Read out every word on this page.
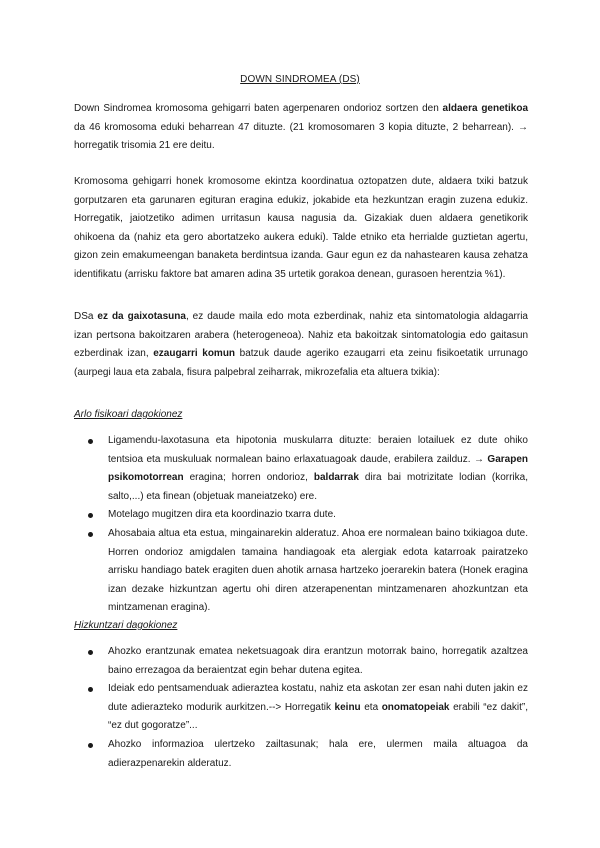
DOWN SINDROMEA (DS)

Down Sindromea kromosoma gehigarri baten agerpenaren ondorioz sortzen den aldaera genetikoa da 46 kromosoma eduki beharrean 47 dituzte. (21 kromosomaren 3 kopia dituzte, 2 beharrean). → horregatik trisomia 21 ere deitu.

Kromosoma gehigarri honek kromosome ekintza koordinatua oztopatzen dute, aldaera txiki batzuk gorputzaren eta garunaren egituran eragina edukiz, jokabide eta hezkuntzan eragin zuzena edukiz. Horregatik, jaiotzetiko adimen urritasun kausa nagusia da. Gizakiak duen aldaera genetikorik ohikoena da (nahiz eta gero abortatzeko aukera eduki). Talde etniko eta herrialde guztietan agertu, gizon zein emakumeengan banaketa berdintsua izanda. Gaur egun ez da nahastearen kausa zehatza identifikatu (arrisku faktore bat amaren adina 35 urtetik gorakoa denean, gurasoen herentzia %1).

DSa ez da gaixotasuna, ez daude maila edo mota ezberdinak, nahiz eta sintomatologia aldagarria izan pertsona bakoitzaren arabera (heterogeneoa). Nahiz eta bakoitzak sintomatologia edo gaitasun ezberdinak izan, ezaugarri komun batzuk daude ageriko ezaugarri eta zeinu fisikoetatik urrunago (aurpegi laua eta zabala, fisura palpebral zeiharrak, mikrozefalia eta altuera txikia):

Arlo fisikoari dagokionez
Ligamendu-laxotasuna eta hipotonia muskularra dituzte: beraien lotailuek ez dute ohiko tentsioa eta muskuluak normalean baino erlaxatuagoak daude, erabilera zailduz. → Garapen psikomotorrean eragina; horren ondorioz, baldarrak dira bai motrizitate lodian (korrika, salto,...) eta finean (objetuak maneiatzeko) ere.
Motelago mugitzen dira eta koordinazio txarra dute.
Ahosabaia altua eta estua, mingainarekin alderatuz. Ahoa ere normalean baino txikiagoa dute. Horren ondorioz amigdalen tamaina handiagoak eta alergiak edota katarroak pairatzeko arrisku handiago batek eragiten duen ahotik arnasa hartzeko joerarekin batera (Honek eragina izan dezake hizkuntzan agertu ohi diren atzerapenentan mintzamenaren ahozkuntzan eta mintzamenan eragina).
Hizkuntzari dagokionez
Ahozko erantzunak ematea neketsuagoak dira erantzun motorrak baino, horregatik azaltzea baino errezagoa da beraientzat egin behar dutena egitea.
Ideiak edo pentsamenduak adieraztea kostatu, nahiz eta askotan zer esan nahi duten jakin ez dute adierazteko modurik aurkitzen.--> Horregatik keinu eta onomatopeiak erabili “ez dakit”, “ez dut gogoratze”...
Ahozko informazioa ulertzeko zailtasunak; hala ere, ulermen maila altuagoa da adierazpenarekin alderatuz.
